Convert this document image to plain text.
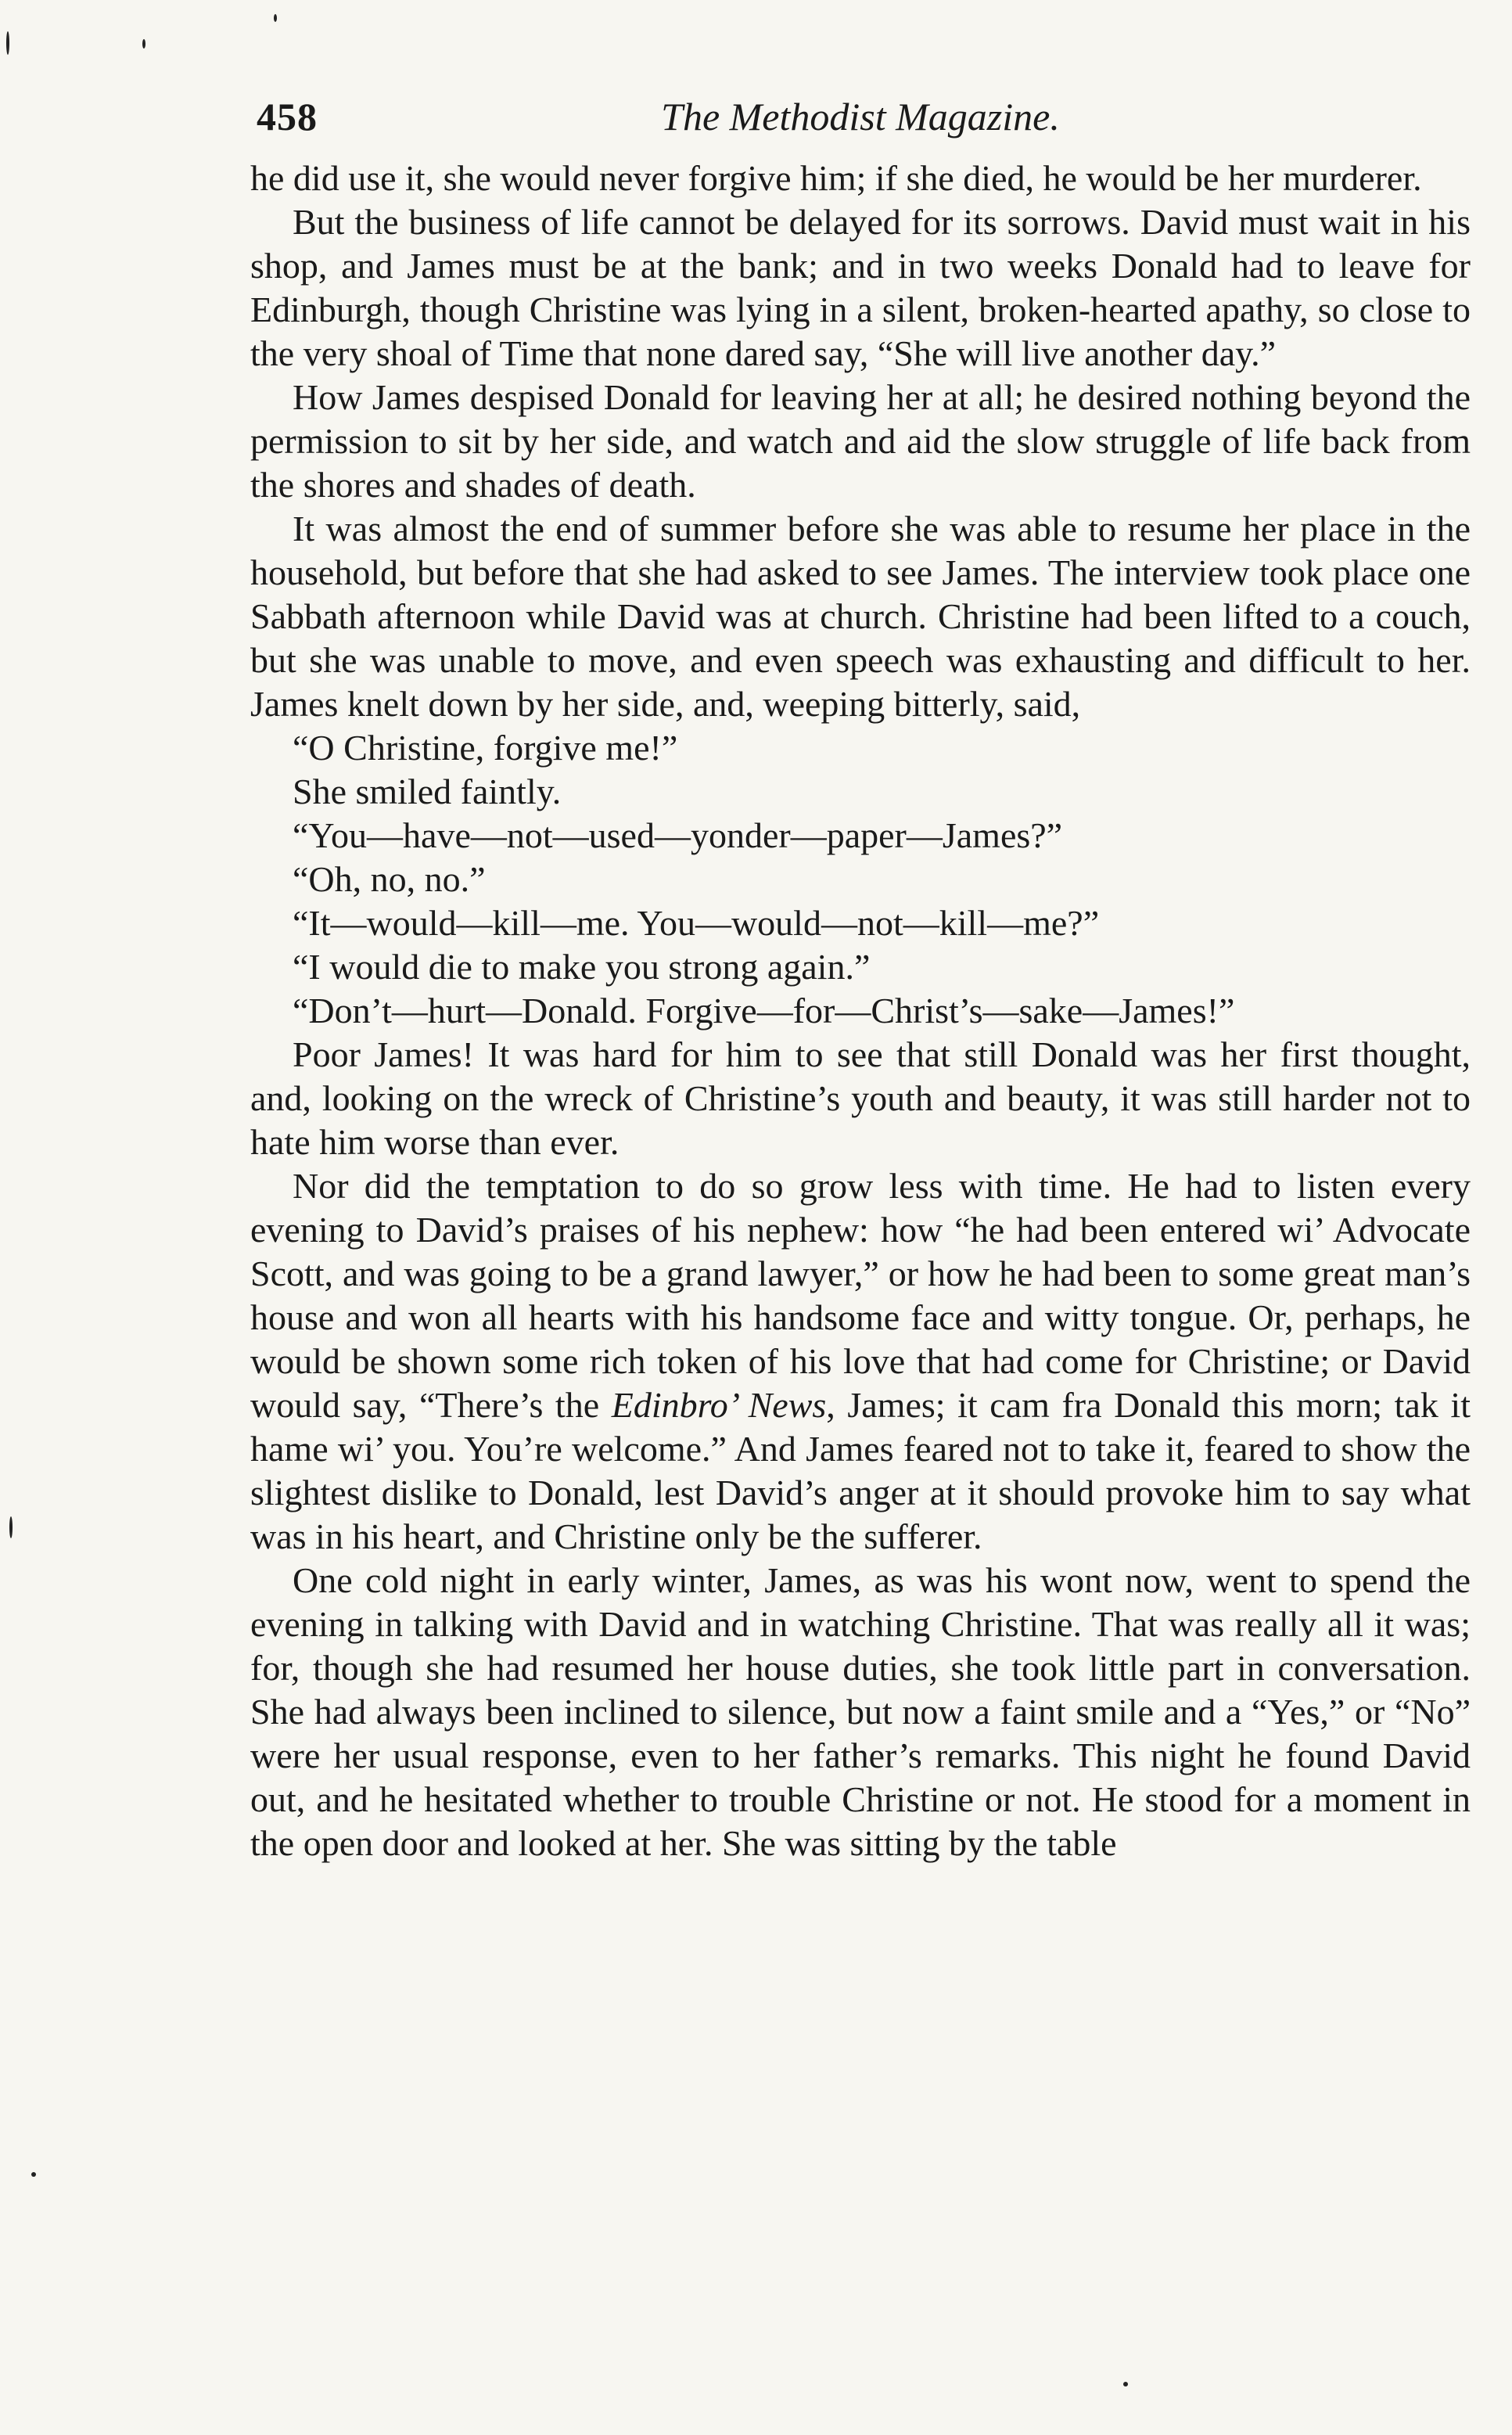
458	The Methodist Magazine.

he did use it, she would never forgive him; if she died, he would be her murderer.

But the business of life cannot be delayed for its sorrows. David must wait in his shop, and James must be at the bank; and in two weeks Donald had to leave for Edinburgh, though Christine was lying in a silent, broken-hearted apathy, so close to the very shoal of Time that none dared say, “She will live another day.”

How James despised Donald for leaving her at all; he desired nothing beyond the permission to sit by her side, and watch and aid the slow struggle of life back from the shores and shades of death.

It was almost the end of summer before she was able to resume her place in the household, but before that she had asked to see James. The interview took place one Sabbath afternoon while David was at church. Christine had been lifted to a couch, but she was unable to move, and even speech was exhausting and difficult to her. James knelt down by her side, and, weeping bitterly, said,

“O Christine, forgive me!”

She smiled faintly.

“You—have—not—used—yonder—paper—James?”

“Oh, no, no.”

“It—would—kill—me. You—would—not—kill—me?”

“I would die to make you strong again.”

“Don’t—hurt—Donald. Forgive—for—Christ’s—sake—James!”

Poor James! It was hard for him to see that still Donald was her first thought, and, looking on the wreck of Christine’s youth and beauty, it was still harder not to hate him worse than ever.

Nor did the temptation to do so grow less with time. He had to listen every evening to David’s praises of his nephew: how “he had been entered wi’ Advocate Scott, and was going to be a grand lawyer,” or how he had been to some great man’s house and won all hearts with his handsome face and witty tongue. Or, perhaps, he would be shown some rich token of his love that had come for Christine; or David would say, “There’s the Edinbro’ News, James; it cam fra Donald this morn; tak it hame wi’ you. You’re welcome.” And James feared not to take it, feared to show the slightest dislike to Donald, lest David’s anger at it should provoke him to say what was in his heart, and Christine only be the sufferer.

One cold night in early winter, James, as was his wont now, went to spend the evening in talking with David and in watching Christine. That was really all it was; for, though she had resumed her house duties, she took little part in conversation. She had always been inclined to silence, but now a faint smile and a “Yes,” or “No” were her usual response, even to her father’s remarks. This night he found David out, and he hesitated whether to trouble Christine or not. He stood for a moment in the open door and looked at her. She was sitting by the table
